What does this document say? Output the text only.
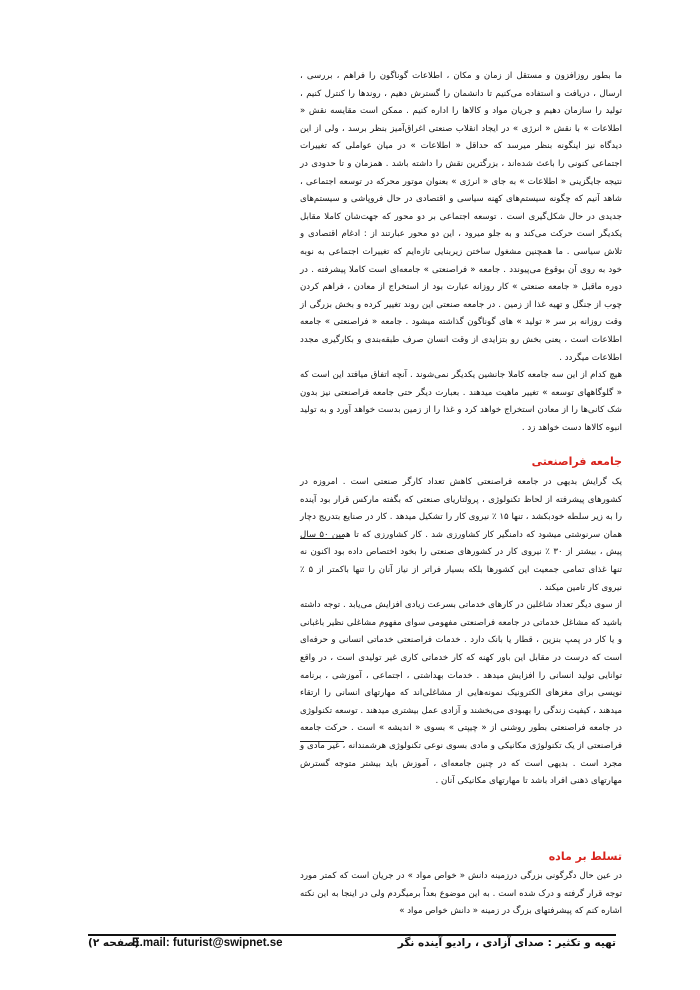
ما بطور روزافزون و مستقل از زمان و مکان ، اطلاعات گوناگون را فراهم ، بررسی ، ارسال ، دریافت و استفاده می‌کنیم تا دانشمان را گسترش دهیم ، روندها را کنترل کنیم ، تولید را سازمان دهیم و جریان مواد و کالاها را اداره کنیم . ممکن است مقایسه نقش « اطلاعات » با نقش « انرژی » در ایجاد انقلاب صنعتی اغراق‌آمیز بنظر برسد ، ولی از این دیدگاه نیز اینگونه بنظر میرسد که حداقل « اطلاعات » در میان عواملی که تغییرات اجتماعی کنونی را باعث شده‌اند ، بزرگترین نقش را داشته باشد . همزمان و تا حدودی در نتیجه جایگزینی « اطلاعات » به جای « انرژی » بعنوان موتور محرکه در توسعه اجتماعی ، شاهد آنیم که چگونه سیستم‌های کهنه سیاسی و اقتصادی در حال فروپاشی و سیستم‌های جدیدی در حال شکل‌گیری است . توسعه اجتماعی بر دو محور که جهت‌شان کاملا مقابل یکدیگر است حرکت می‌کند و به جلو میرود ، این دو محور عبارتند از : ادغام اقتصادی و تلاش سیاسی . ما همچنین مشغول ساختن زیربنایی تازه‌ایم که تغییرات اجتماعی به نوبه خود به روی آن بوقوع می‌پیوندد . جامعه « فراصنعتی » جامعه‌ای است کاملا پیشرفته . در دوره ماقبل « جامعه صنعتی » کار روزانه عبارت بود از استخراج از معادن ، فراهم کردن چوب از جنگل و تهیه غذا از زمین . در جامعه صنعتی این روند تغییر کرده و بخش بزرگی از وقت روزانه بر سر « تولید » های گوناگون گذاشته میشود . جامعه « فراصنعتی » جامعه اطلاعات است ، یعنی بخش رو بتزایدی از وقت انسان صرف طبقه‌بندی و بکارگیری مجدد اطلاعات میگردد .

هیچ کدام از این سه جامعه کاملا جانشین یکدیگر نمی‌شوند . آنچه اتفاق میافتد این است که « گلوگاههای توسعه » تغییر ماهیت میدهند . بعبارت دیگر حتی جامعه فراصنعتی نیز بدون شک کانی‌ها را از معادن استخراج خواهد کرد و غذا را از زمین بدست خواهد آورد و به تولید انبوه کالاها دست خواهد زد .

جامعه فراصنعتی

یک گرایش بدیهی در جامعه فراصنعتی کاهش تعداد کارگر صنعتی است . امروزه در کشورهای پیشرفته از لحاظ تکنولوژی ، پرولتاریای صنعتی که بگفته مارکس قرار بود آینده را به زیر سلطه خودبکشد ، تنها ۱۵ ٪ نیروی کار را تشکیل میدهد . کار در صنایع بتدریج دچار همان سرنوشتی میشود که دامنگیر کار کشاورزی شد . کار کشاورزی که تا همین ۵۰ سال پیش ، بیشتر از ۳۰ ٪ نیروی کار در کشورهای صنعتی را بخود اختصاص داده بود اکنون نه تنها غذای تمامی جمعیت این کشورها بلکه بسیار فراتر از نیاز آنان را تنها باکمتر از ۵ ٪ نیروی کار تامین میکند .

از سوی دیگر تعداد شاغلین در کارهای خدماتی بسرعت زیادی افزایش می‌یابد . توجه داشته باشید که مشاغل خدماتی در جامعه فراصنعتی مفهومی سوای مفهوم مشاغلی نظیر باغبانی و یا کار در پمپ بنزین ، قطار یا بانک دارد . خدمات فراصنعتی خدماتی انسانی و حرفه‌ای است که درست در مقابل این باور کهنه که کار خدماتی کاری غیر تولیدی است ، در واقع توانایی تولید انسانی را افزایش میدهد . خدمات بهداشتی ، اجتماعی ، آموزشی ، برنامه نویسی برای مغزهای الکترونیک نمونه‌هایی از مشاغلی‌اند که مهارتهای انسانی را ارتقاء میدهند ، کیفیت زندگی را بهبودی می‌بخشند و آزادی عمل بیشتری میدهند . توسعه تکنولوژی در جامعه فراصنعتی بطور روشنی از « چیپتی » بسوی « اندیشه » است . حرکت جامعه فراصنعتی از یک تکنولوژی مکانیکی و مادی بسوی نوعی تکنولوژی هرشمندانه ، غیر مادی و مجرد است . بدیهی است که در چنین جامعه‌ای ، آموزش باید بیشتر متوجه گسترش مهارتهای ذهنی افراد باشد تا مهارتهای مکانیکی آنان .

تسلط بر ماده

در عین حال دگرگونی بزرگی درزمینه دانش « خواص مواد » در جریان است که کمتر مورد توجه قرار گرفته و درک شده است . به این موضوع بعداً برمیگردم ولی در اینجا به این نکته اشاره کنم که پیشرفتهای بزرگ در زمینه « دانش خواص مواد »

تهیه و تکثیر : صدای آزادی ، رادیو آینده نگر
E.mail: futurist@swipnet.se
(صفحه ۲)
